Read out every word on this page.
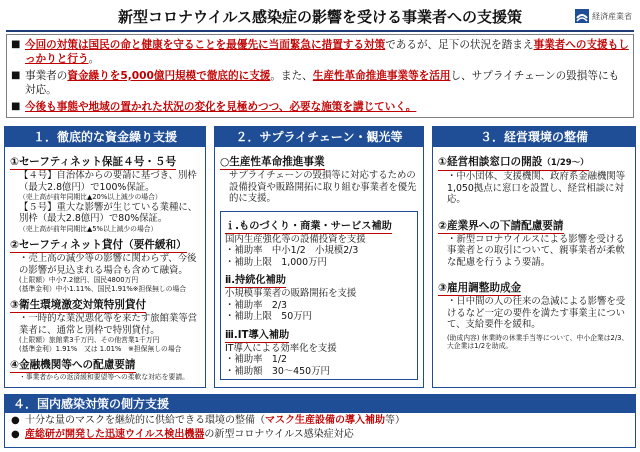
新型コロナウイルス感染症の影響を受ける事業者への支援策	経済産業省
■ 今回の対策は国民の命と健康を守ることを最優先に当面緊急に措置する対策であるが、足下の状況を踏まえ事業者への支援もしっかりと行う。
■ 事業者の資金繰りを5,000億円規模で徹底的に支援。また、生産性革命推進事業等を活用し、サプライチェーンの毀損等にも対応。
■ 今後も事態や地域の置かれた状況の変化を見極めつつ、必要な施策を講じていく。
１．徹底的な資金繰り支援
①セーフティネット保証４号・５号
【４号】自治体からの要請に基づき、別枠（最大2.8億円）で100%保証。
（売上高が前年同期比▲20%以上減少の場合）
【５号】重大な影響が生じている業種に、別枠（最大2.8億円）で80%保証。
（売上高が前年同期比▲5%以上減少の場合）
②セーフティネット貸付（要件緩和）
・売上高の減少等の影響に関わらず、今後の影響が見込まれる場合も含めて融資。
(上限額）中小7.2億円、国民4800万円
(基準金利）中小1.11%、国民1.91%※担保無しの場合
③衛生環境激変対策特別貸付
・一時的な業況悪化等を来たす旅館業等営業者に、通常と別枠で特別貸付。
(上限額）旅館業3千万円、その他営業1千万円
(基準金利）1.91%　又は 1.01%　※担保無しの場合
④金融機関等への配慮要請
・事業者からの返済緩和要望等への柔軟な対応を要請。
２．サプライチェーン・観光等
○生産性革命推進事業
サプライチェーンの毀損等に対応するための設備投資や販路開拓に取り組む事業者を優先的に支援。
ｉ.ものづくり・商業・サービス補助
国内生産強化等の設備投資を支援
・補助率　中小1/2　小規模2/3
・補助上限　1,000万円
ⅱ.持続化補助
小規模事業者の販路開拓を支援
・補助率　2/3
・補助上限　50万円
ⅲ.IT導入補助
IT導入による効率化を支援
・補助率　1/2
・補助額　30～450万円
３．経営環境の整備
①経営相談窓口の開設（1/29～）
・中小団体、支援機関、政府系金融機関等1,050拠点に窓口を設置し、経営相談に対応。
②産業界への下請配慮要請
・新型コロナウイルスによる影響を受ける事業者との取引について、親事業者が柔軟な配慮を行うよう要請。
③雇用調整助成金
・日中間の人の往来の急減による影響を受けるなど一定の要件を満たす事業主について、支給要件を緩和。
(助成内容) 休業時の休業手当等について、中小企業は2/3、大企業は1/2を助成。
４．国内感染対策の側方支援
● 十分な量のマスクを継続的に供給できる環境の整備（マスク生産設備の導入補助等）
● 産総研が開発した迅速ウイルス検出機器の新型コロナウイルス感染症対応
